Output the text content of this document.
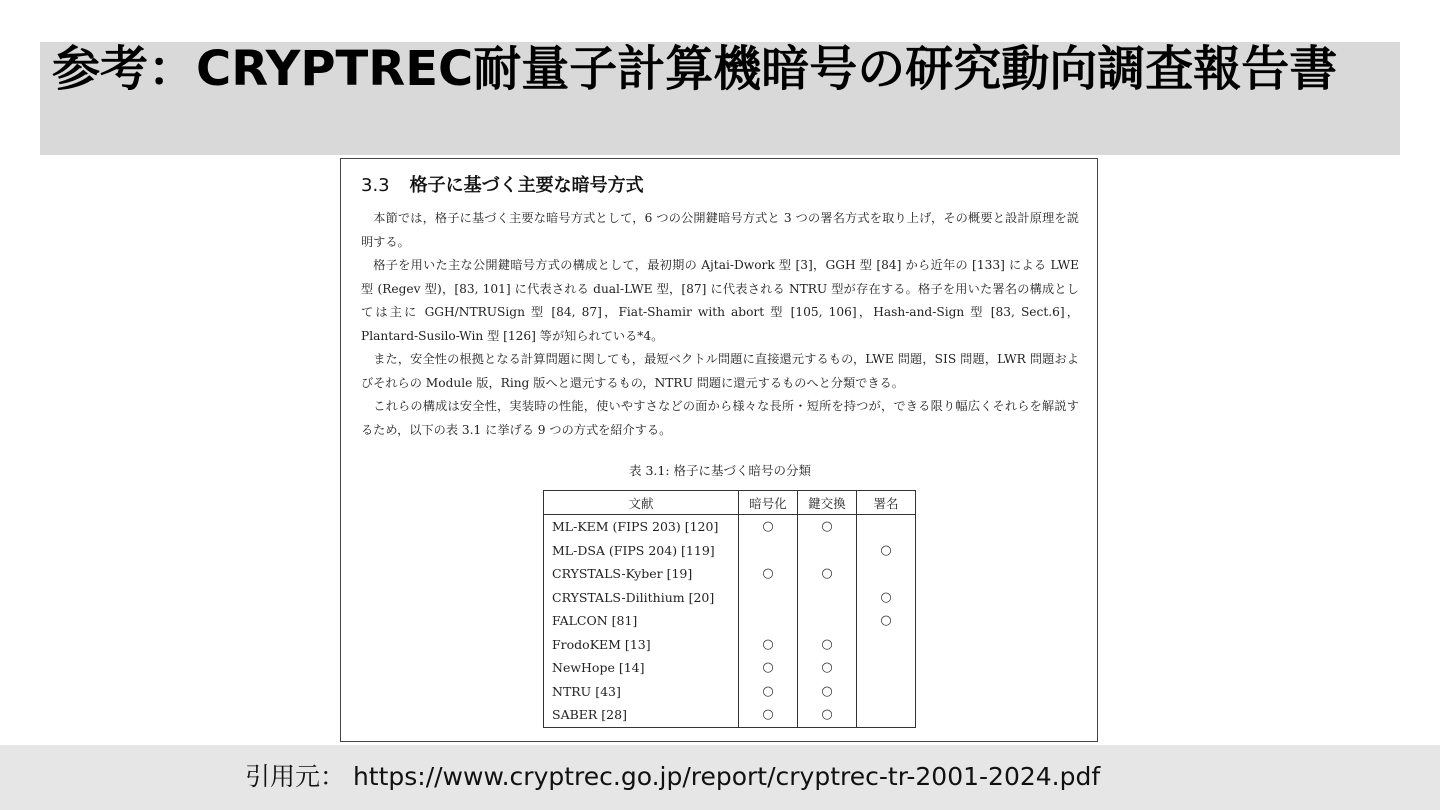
参考：CRYPTREC耐量子計算機暗号の研究動向調査報告書
3.3 格子に基づく主要な暗号方式

本節では，格子に基づく主要な暗号方式として，6 つの公開鍵暗号方式と 3 つの署名方式を取り上げ，その概要と設計原理を説明する。

格子を用いた主な公開鍵暗号方式の構成として，最初期の Ajtai-Dwork 型 [3]，GGH 型 [84] から近年の [133] による LWE 型 (Regev 型)，[83, 101] に代表される dual-LWE 型，[87] に代表される NTRU 型が存在する。格子を用いた署名の構成としては主に GGH/NTRUSign 型 [84, 87]，Fiat-Shamir with abort 型 [105, 106]，Hash-and-Sign 型 [83, Sect.6]，Plantard-Susilo-Win 型 [126] 等が知られている*4。

また，安全性の根拠となる計算問題に関しても，最短ベクトル問題に直接還元するもの，LWE 問題，SIS 問題，LWR 問題およびそれらの Module 版，Ring 版へと還元するもの，NTRU 問題に還元するものへと分類できる。

これらの構成は安全性，実装時の性能，使いやすさなどの面から様々な長所・短所を持つが，できる限り幅広くそれらを解説するため，以下の表 3.1 に挙げる 9 つの方式を紹介する。

表 3.1: 格子に基づく暗号の分類
文献	暗号化	鍵交換	署名
ML-KEM (FIPS 203) [120]	○	○	
ML-DSA (FIPS 204) [119]			○
CRYSTALS-Kyber [19]	○	○	
CRYSTALS-Dilithium [20]			○
FALCON [81]			○
FrodoKEM [13]	○	○	
NewHope [14]	○	○	
NTRU [43]	○	○	
SABER [28]	○	○	
引用元： https://www.cryptrec.go.jp/report/cryptrec-tr-2001-2024.pdf
